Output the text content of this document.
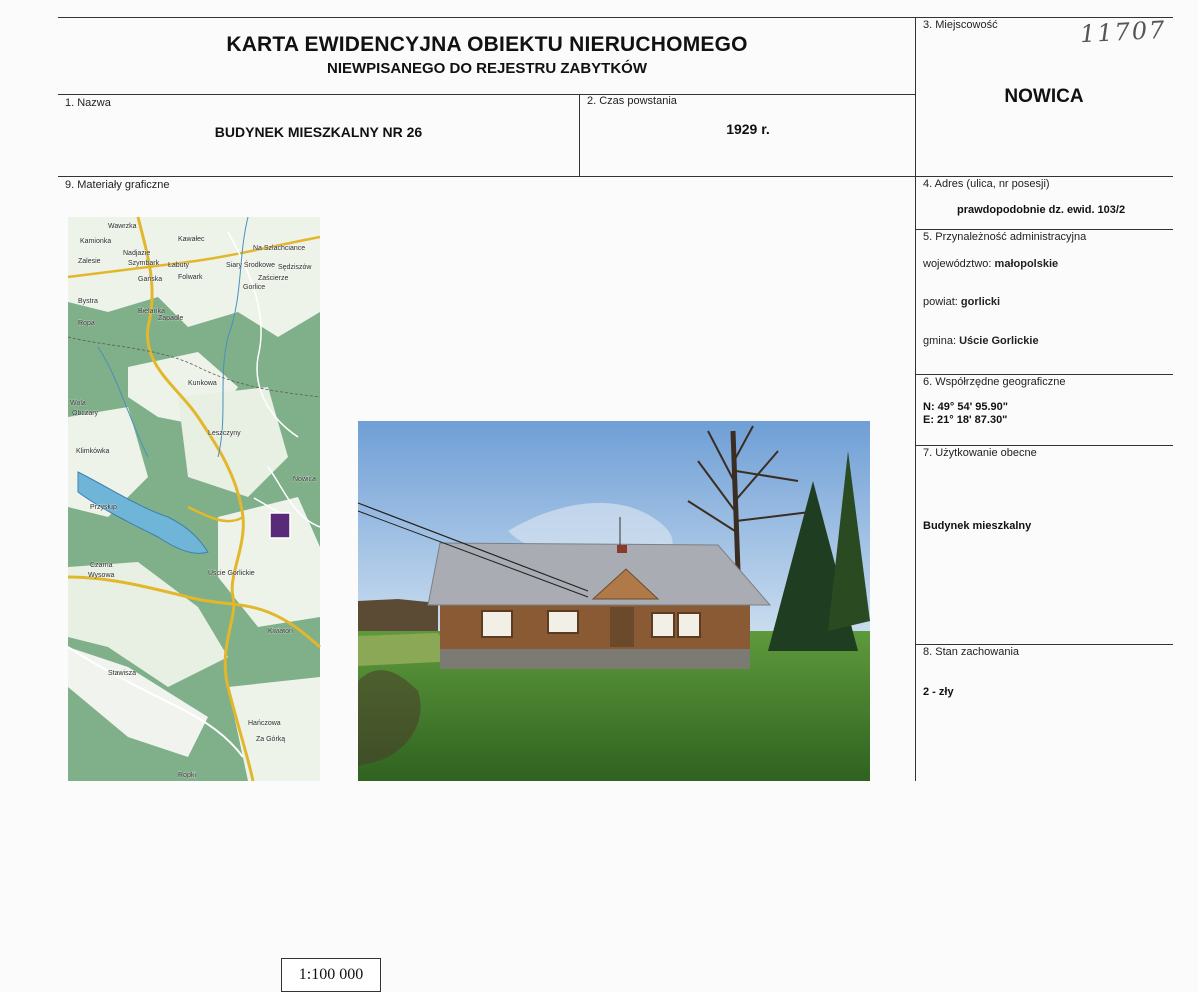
KARTA EWIDENCYJNA OBIEKTU NIERUCHOMEGO
NIEWPISANEGO DO REJESTRU ZABYTKÓW
11707
3. Miejscowość
NOWICA
1. Nazwa
BUDYNEK MIESZKALNY NR 26
2. Czas powstania
1929 r.
9. Materiały graficzne	4. Adres (ulica, nr posesji)
prawdopodobnie dz. ewid. 103/2
5. Przynależność administracyjna
województwo: małopolskie
powiat: gorlicki
gmina: Uście Gorlickie
6. Współrzędne geograficzne
N: 49° 54' 95.90"
E: 21° 18' 87.30"
7. Użytkowanie obecne
Budynek mieszkalny
8. Stan zachowania
2 - zły
Wawrzka
Kamionka	Kawałec
Na Szlachciance
Nadjazie
Zalesie	Szymbark Łabuty
Folwark
Gańska
Siary Środkowe Sędziszów
Zaścierze
Gorlice
Bystra
Bielanka
Zapadle
Ropa
Kunkowa
Leszczyny
Nowica
Wola
Klimkówka
Przysłup
Uście Gorlickie
Wysowa
Kwiaton
Hańczowa
Za Górką
Obczary
Ropki
Czarna
Stawisza
1:100 000
